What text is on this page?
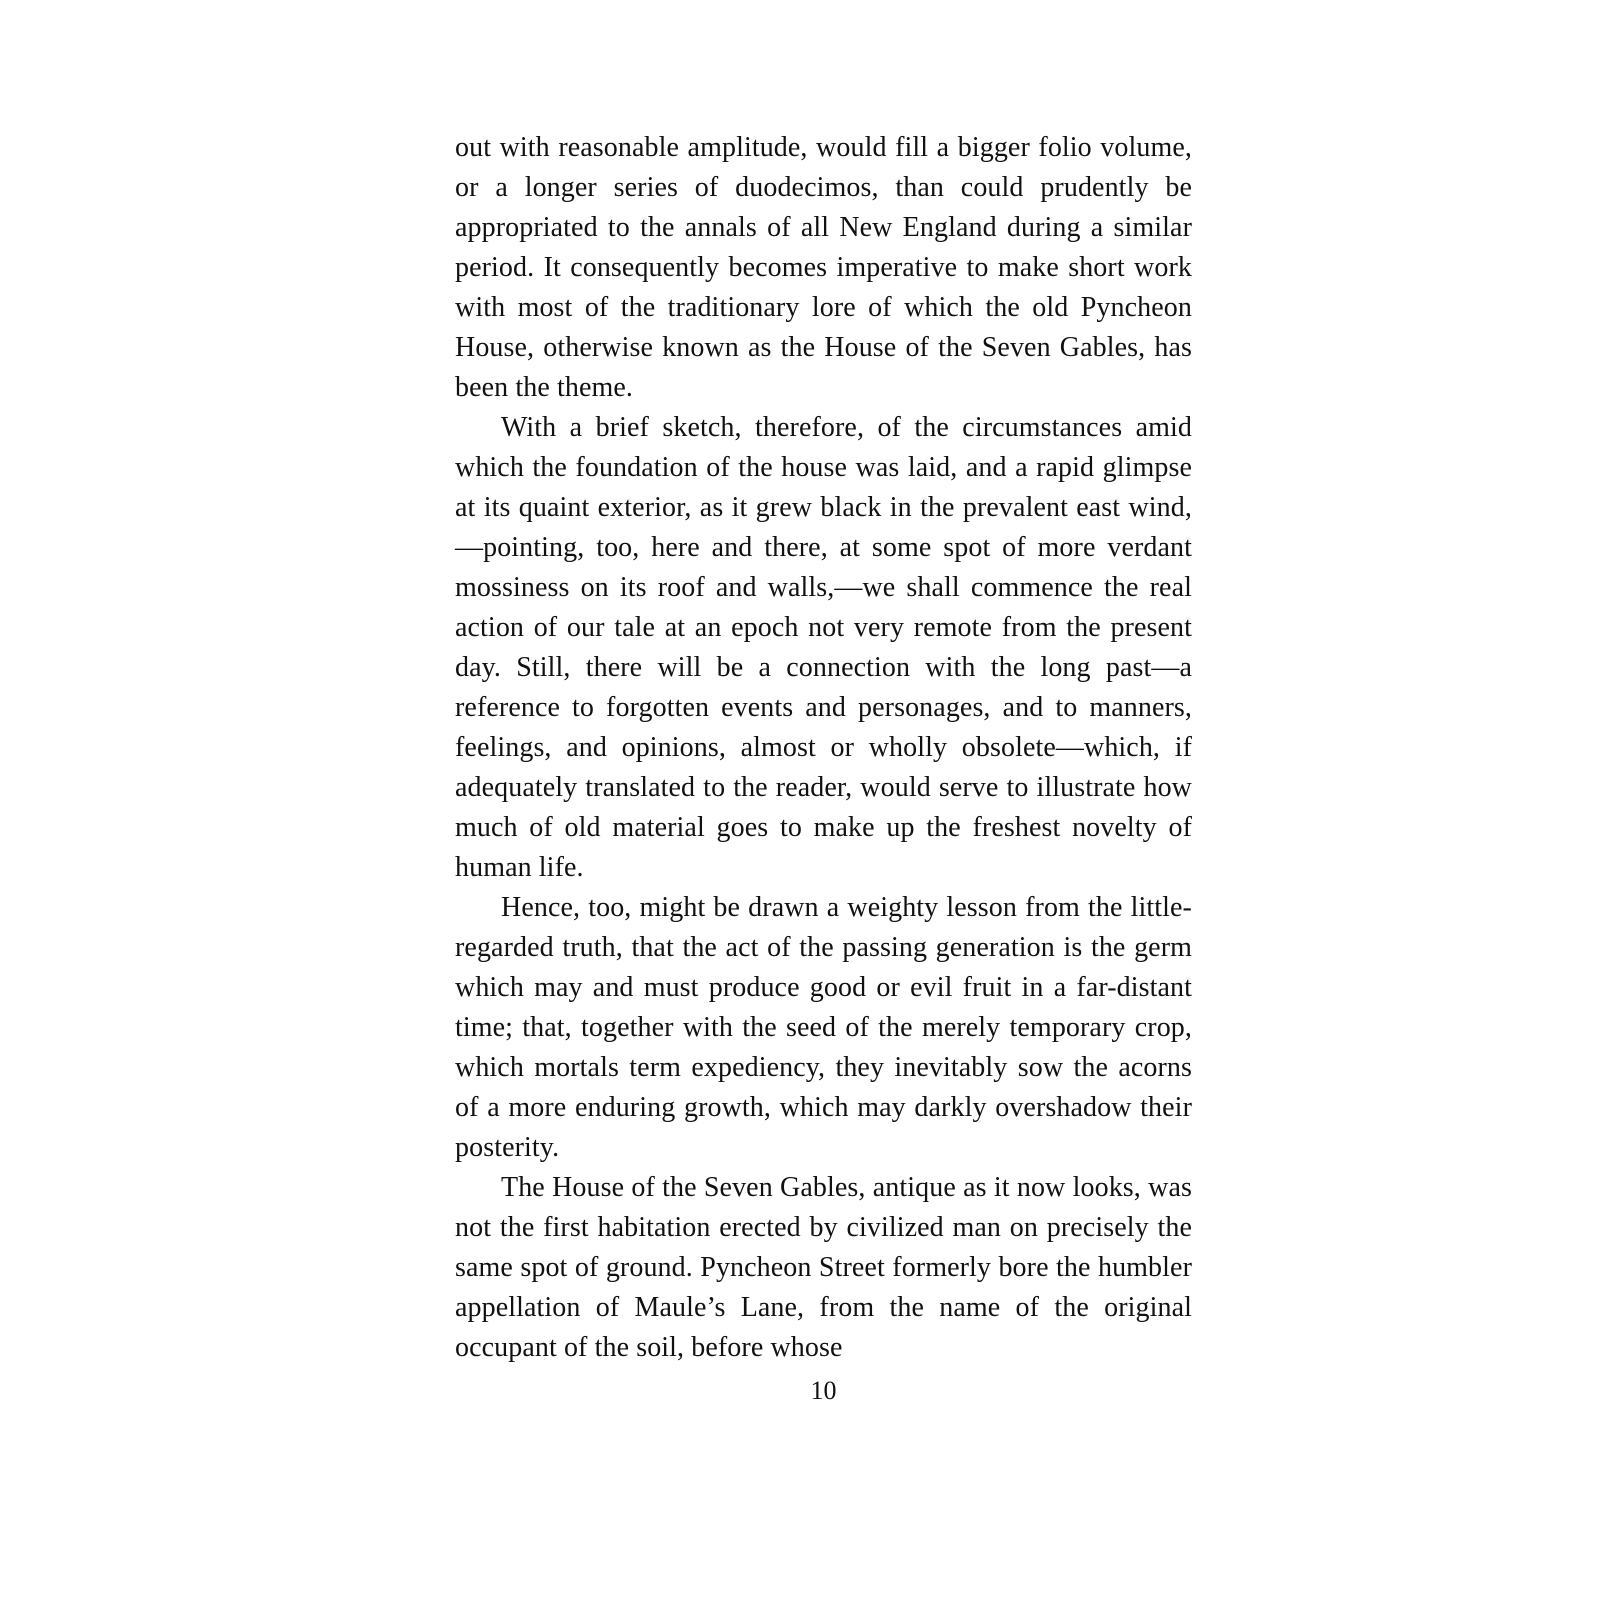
out with reasonable amplitude, would fill a bigger folio volume, or a longer series of duodecimos, than could prudently be appropriated to the annals of all New England during a similar period. It consequently becomes imperative to make short work with most of the traditionary lore of which the old Pyncheon House, otherwise known as the House of the Seven Gables, has been the theme.

With a brief sketch, therefore, of the circumstances amid which the foundation of the house was laid, and a rapid glimpse at its quaint exterior, as it grew black in the prevalent east wind,—pointing, too, here and there, at some spot of more verdant mossiness on its roof and walls,—we shall commence the real action of our tale at an epoch not very remote from the present day. Still, there will be a connection with the long past—a reference to forgotten events and personages, and to manners, feelings, and opinions, almost or wholly obsolete—which, if adequately translated to the reader, would serve to illustrate how much of old material goes to make up the freshest novelty of human life.

Hence, too, might be drawn a weighty lesson from the little-regarded truth, that the act of the passing generation is the germ which may and must produce good or evil fruit in a far-distant time; that, together with the seed of the merely temporary crop, which mortals term expediency, they inevitably sow the acorns of a more enduring growth, which may darkly overshadow their posterity.

The House of the Seven Gables, antique as it now looks, was not the first habitation erected by civilized man on precisely the same spot of ground. Pyncheon Street formerly bore the humbler appellation of Maule’s Lane, from the name of the original occupant of the soil, before whose

10
